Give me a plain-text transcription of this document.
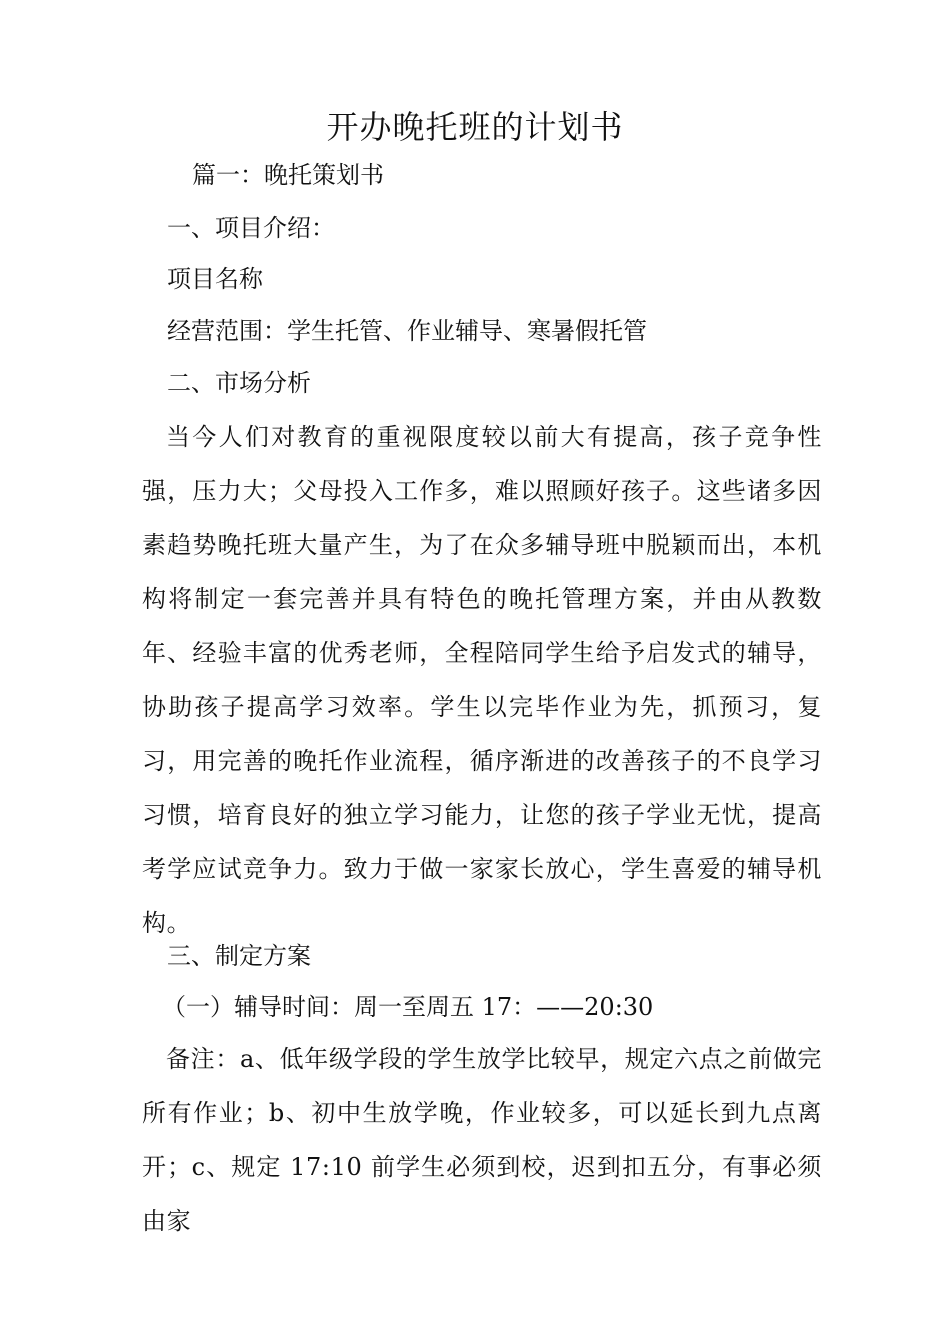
开办晚托班的计划书
篇一：晚托策划书
一、项目介绍：
项目名称
经营范围：学生托管、作业辅导、寒暑假托管
二、市场分析
当今人们对教育的重视限度较以前大有提高，孩子竞争性强，压力大；父母投入工作多，难以照顾好孩子。这些诸多因素趋势晚托班大量产生，为了在众多辅导班中脱颖而出，本机构将制定一套完善并具有特色的晚托管理方案，并由从教数年、经验丰富的优秀老师，全程陪同学生给予启发式的辅导，协助孩子提高学习效率。学生以完毕作业为先，抓预习，复习，用完善的晚托作业流程，循序渐进的改善孩子的不良学习习惯，培育良好的独立学习能力，让您的孩子学业无忧，提高考学应试竞争力。致力于做一家家长放心，学生喜爱的辅导机构。
三、制定方案
（一）辅导时间：周一至周五 17：——20:30
备注：a、低年级学段的学生放学比较早，规定六点之前做完所有作业；b、初中生放学晚，作业较多，可以延长到九点离开；c、规定 17:10 前学生必须到校，迟到扣五分，有事必须由家
